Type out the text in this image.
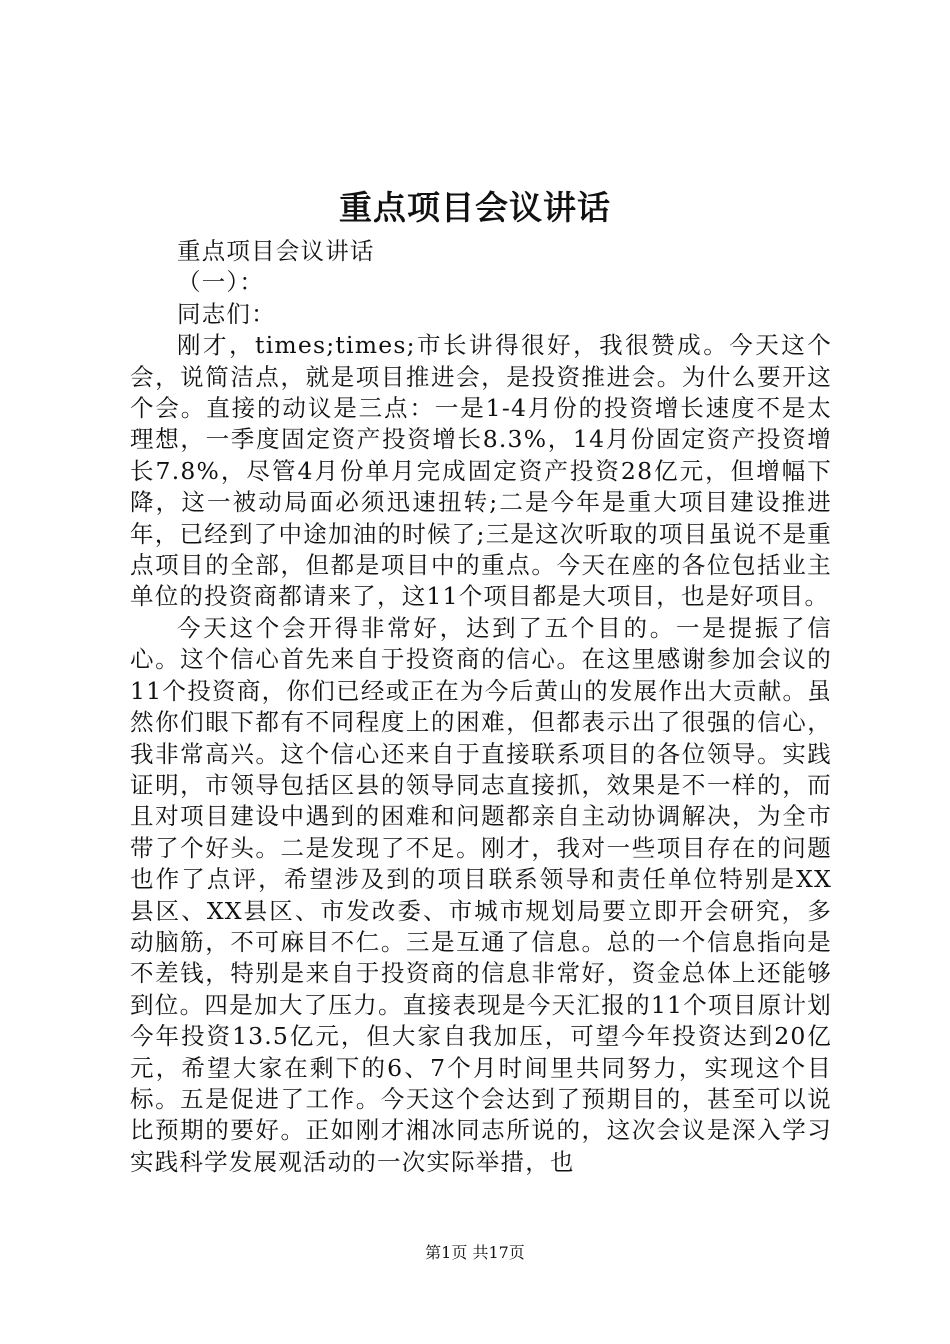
重点项目会议讲话

重点项目会议讲话

（一）：

同志们：

刚才，times;times;市长讲得很好，我很赞成。今天这个会，说简洁点，就是项目推进会，是投资推进会。为什么要开这个会。直接的动议是三点：一是1-4月份的投资增长速度不是太理想，一季度固定资产投资增长8.3%，14月份固定资产投资增长7.8%，尽管4月份单月完成固定资产投资28亿元，但增幅下降，这一被动局面必须迅速扭转;二是今年是重大项目建设推进年，已经到了中途加油的时候了;三是这次听取的项目虽说不是重点项目的全部，但都是项目中的重点。今天在座的各位包括业主单位的投资商都请来了，这11个项目都是大项目，也是好项目。

今天这个会开得非常好，达到了五个目的。一是提振了信心。这个信心首先来自于投资商的信心。在这里感谢参加会议的11个投资商，你们已经或正在为今后黄山的发展作出大贡献。虽然你们眼下都有不同程度上的困难，但都表示出了很强的信心，我非常高兴。这个信心还来自于直接联系项目的各位领导。实践证明，市领导包括区县的领导同志直接抓，效果是不一样的，而且对项目建设中遇到的困难和问题都亲自主动协调解决，为全市带了个好头。二是发现了不足。刚才，我对一些项目存在的问题也作了点评，希望涉及到的项目联系领导和责任单位特别是XX县区、XX县区、市发改委、市城市规划局要立即开会研究，多动脑筋，不可麻目不仁。三是互通了信息。总的一个信息指向是不差钱，特别是来自于投资商的信息非常好，资金总体上还能够到位。四是加大了压力。直接表现是今天汇报的11个项目原计划今年投资13.5亿元，但大家自我加压，可望今年投资达到20亿元，希望大家在剩下的6、7个月时间里共同努力，实现这个目标。五是促进了工作。今天这个会达到了预期目的，甚至可以说比预期的要好。正如刚才湘冰同志所说的，这次会议是深入学习实践科学发展观活动的一次实际举措，也

第1页 共17页
